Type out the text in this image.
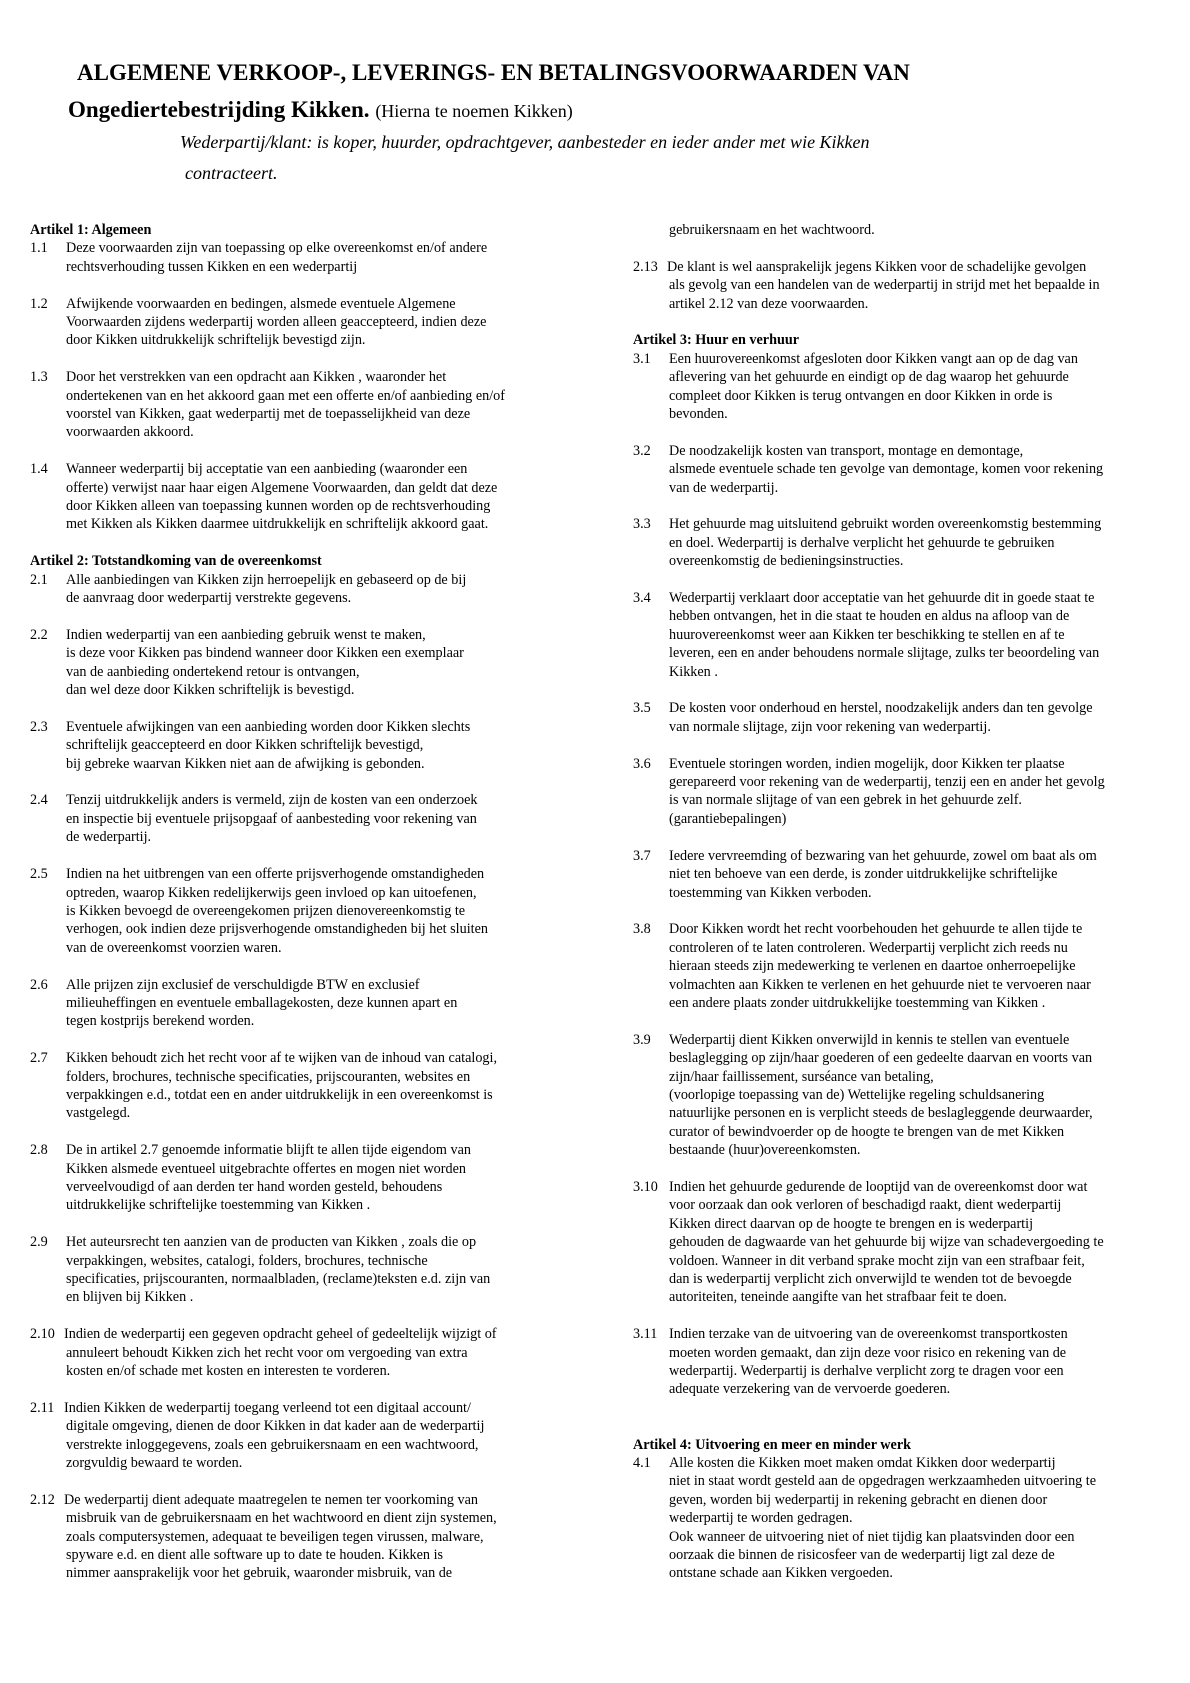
ALGEMENE VERKOOP-, LEVERINGS- EN BETALINGSVOORWAARDEN VAN
Ongediertebestrijding Kikken. (Hierna te noemen Kikken)
Wederpartij/klant: is koper, huurder, opdrachtgever, aanbesteder en ieder ander met wie Kikken
contracteert.
Artikel 1: Algemeen
1.1 Deze voorwaarden zijn van toepassing op elke overeenkomst en/of andere
rechtsverhouding tussen Kikken en een wederpartij
1.2 Afwijkende voorwaarden en bedingen, alsmede eventuele Algemene
Voorwaarden zijdens wederpartij worden alleen geaccepteerd, indien deze
door Kikken uitdrukkelijk schriftelijk bevestigd zijn.
1.3 Door het verstrekken van een opdracht aan Kikken , waaronder het
ondertekenen van en het akkoord gaan met een offerte en/of aanbieding en/of
voorstel van Kikken, gaat wederpartij met de toepasselijkheid van deze
voorwaarden akkoord.
1.4 Wanneer wederpartij bij acceptatie van een aanbieding (waaronder een
offerte) verwijst naar haar eigen Algemene Voorwaarden, dan geldt dat deze
door Kikken alleen van toepassing kunnen worden op de rechtsverhouding
met Kikken als Kikken daarmee uitdrukkelijk en schriftelijk akkoord gaat.
Artikel 2: Totstandkoming van de overeenkomst
2.1 Alle aanbiedingen van Kikken zijn herroepelijk en gebaseerd op de bij
de aanvraag door wederpartij verstrekte gegevens.
2.2 Indien wederpartij van een aanbieding gebruik wenst te maken,
is deze voor Kikken pas bindend wanneer door Kikken een exemplaar
van de aanbieding ondertekend retour is ontvangen,
dan wel deze door Kikken schriftelijk is bevestigd.
2.3 Eventuele afwijkingen van een aanbieding worden door Kikken slechts
schriftelijk geaccepteerd en door Kikken schriftelijk bevestigd,
bij gebreke waarvan Kikken niet aan de afwijking is gebonden.
2.4 Tenzij uitdrukkelijk anders is vermeld, zijn de kosten van een onderzoek
en inspectie bij eventuele prijsopgaaf of aanbesteding voor rekening van
de wederpartij.
2.5 Indien na het uitbrengen van een offerte prijsverhogende omstandigheden
optreden, waarop Kikken redelijkerwijs geen invloed op kan uitoefenen,
is Kikken bevoegd de overeengekomen prijzen dienovereenkomstig te
verhogen, ook indien deze prijsverhogende omstandigheden bij het sluiten
van de overeenkomst voorzien waren.
2.6 Alle prijzen zijn exclusief de verschuldigde BTW en exclusief
milieuheffingen en eventuele emballagekosten, deze kunnen apart en
tegen kostprijs berekend worden.
2.7 Kikken behoudt zich het recht voor af te wijken van de inhoud van catalogi,
folders, brochures, technische specificaties, prijscouranten, websites en
verpakkingen e.d., totdat een en ander uitdrukkelijk in een overeenkomst is
vastgelegd.
2.8 De in artikel 2.7 genoemde informatie blijft te allen tijde eigendom van
Kikken alsmede eventueel uitgebrachte offertes en mogen niet worden
verveelvoudigd of aan derden ter hand worden gesteld, behoudens
uitdrukkelijke schriftelijke toestemming van Kikken .
2.9 Het auteursrecht ten aanzien van de producten van Kikken , zoals die op
verpakkingen, websites, catalogi, folders, brochures, technische
specificaties, prijscouranten, normaalbladen, (reclame)teksten e.d. zijn van
en blijven bij Kikken .
2.10 Indien de wederpartij een gegeven opdracht geheel of gedeeltelijk wijzigt of
annuleert behoudt Kikken zich het recht voor om vergoeding van extra
kosten en/of schade met kosten en interesten te vorderen.
2.11 Indien Kikken de wederpartij toegang verleend tot een digitaal account/
digitale omgeving, dienen de door Kikken in dat kader aan de wederpartij
verstrekte inloggegevens, zoals een gebruikersnaam en een wachtwoord,
zorgvuldig bewaard te worden.
2.12 De wederpartij dient adequate maatregelen te nemen ter voorkoming van
misbruik van de gebruikersnaam en het wachtwoord en dient zijn systemen,
zoals computersystemen, adequaat te beveiligen tegen virussen, malware,
spyware e.d. en dient alle software up to date te houden. Kikken is
nimmer aansprakelijk voor het gebruik, waaronder misbruik, van de
gebruikersnaam en het wachtwoord.
2.13 De klant is wel aansprakelijk jegens Kikken voor de schadelijke gevolgen
als gevolg van een handelen van de wederpartij in strijd met het bepaalde in
artikel 2.12 van deze voorwaarden.
Artikel 3: Huur en verhuur
3.1 Een huurovereenkomst afgesloten door Kikken vangt aan op de dag van
aflevering van het gehuurde en eindigt op de dag waarop het gehuurde
compleet door Kikken is terug ontvangen en door Kikken in orde is
bevonden.
3.2 De noodzakelijk kosten van transport, montage en demontage,
alsmede eventuele schade ten gevolge van demontage, komen voor rekening
van de wederpartij.
3.3 Het gehuurde mag uitsluitend gebruikt worden overeenkomstig bestemming
en doel. Wederpartij is derhalve verplicht het gehuurde te gebruiken
overeenkomstig de bedieningsinstructies.
3.4 Wederpartij verklaart door acceptatie van het gehuurde dit in goede staat te
hebben ontvangen, het in die staat te houden en aldus na afloop van de
huurovereenkomst weer aan Kikken ter beschikking te stellen en af te
leveren, een en ander behoudens normale slijtage, zulks ter beoordeling van
Kikken .
3.5 De kosten voor onderhoud en herstel, noodzakelijk anders dan ten gevolge
van normale slijtage, zijn voor rekening van wederpartij.
3.6 Eventuele storingen worden, indien mogelijk, door Kikken ter plaatse
gerepareerd voor rekening van de wederpartij, tenzij een en ander het gevolg
is van normale slijtage of van een gebrek in het gehuurde zelf.
(garantiebepalingen)
3.7 Iedere vervreemding of bezwaring van het gehuurde, zowel om baat als om
niet ten behoeve van een derde, is zonder uitdrukkelijke schriftelijke
toestemming van Kikken verboden.
3.8 Door Kikken wordt het recht voorbehouden het gehuurde te allen tijde te
controleren of te laten controleren. Wederpartij verplicht zich reeds nu
hieraan steeds zijn medewerking te verlenen en daartoe onherroepelijke
volmachten aan Kikken te verlenen en het gehuurde niet te vervoeren naar
een andere plaats zonder uitdrukkelijke toestemming van Kikken .
3.9 Wederpartij dient Kikken onverwijld in kennis te stellen van eventuele
beslaglegging op zijn/haar goederen of een gedeelte daarvan en voorts van
zijn/haar faillissement, surséance van betaling,
(voorlopige toepassing van de) Wettelijke regeling schuldsanering
natuurlijke personen en is verplicht steeds de beslagleggende deurwaarder,
curator of bewindvoerder op de hoogte te brengen van de met Kikken
bestaande (huur)overeenkomsten.
3.10 Indien het gehuurde gedurende de looptijd van de overeenkomst door wat
voor oorzaak dan ook verloren of beschadigd raakt, dient wederpartij
Kikken direct daarvan op de hoogte te brengen en is wederpartij
gehouden de dagwaarde van het gehuurde bij wijze van schadevergoeding te
voldoen. Wanneer in dit verband sprake mocht zijn van een strafbaar feit,
dan is wederpartij verplicht zich onverwijld te wenden tot de bevoegde
autoriteiten, teneinde aangifte van het strafbaar feit te doen.
3.11 Indien terzake van de uitvoering van de overeenkomst transportkosten
moeten worden gemaakt, dan zijn deze voor risico en rekening van de
wederpartij. Wederpartij is derhalve verplicht zorg te dragen voor een
adequate verzekering van de vervoerde goederen.
Artikel 4: Uitvoering en meer en minder werk
4.1 Alle kosten die Kikken moet maken omdat Kikken door wederpartij
niet in staat wordt gesteld aan de opgedragen werkzaamheden uitvoering te
geven, worden bij wederpartij in rekening gebracht en dienen door
wederpartij te worden gedragen.
Ook wanneer de uitvoering niet of niet tijdig kan plaatsvinden door een
oorzaak die binnen de risicosfeer van de wederpartij ligt zal deze de
ontstane schade aan Kikken vergoeden.
